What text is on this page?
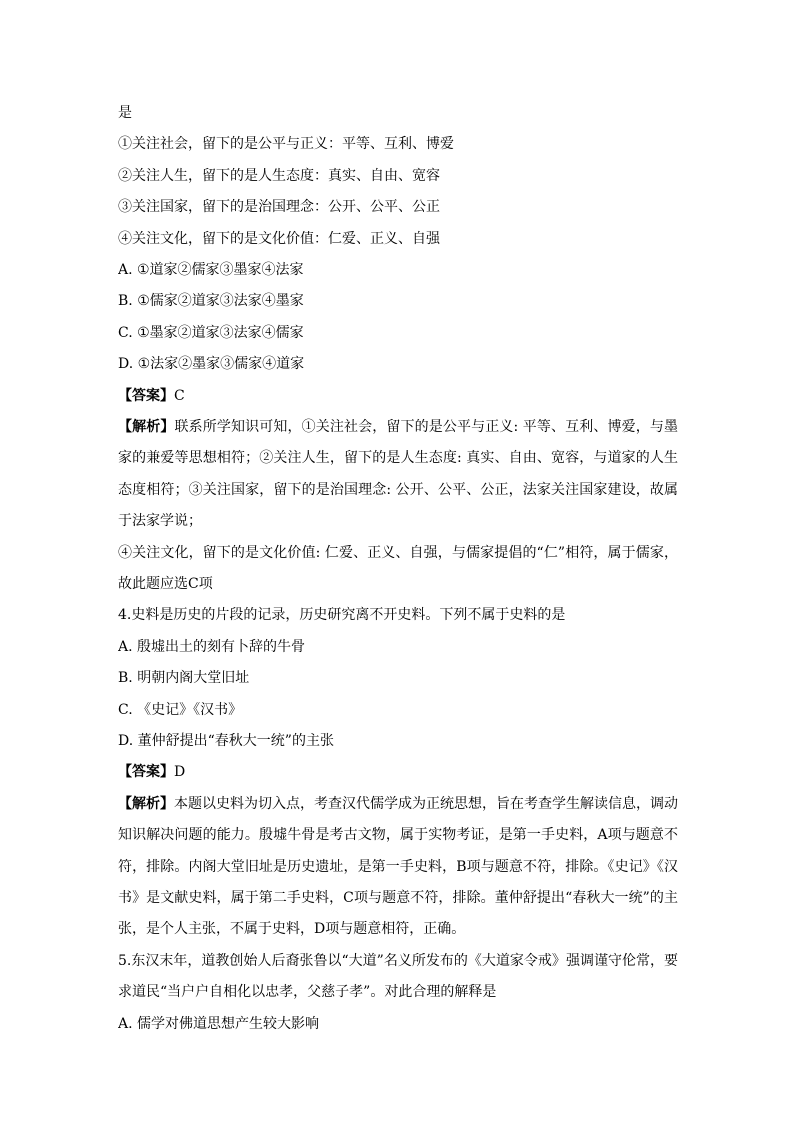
是
①关注社会，留下的是公平与正义：平等、互利、博爱
②关注人生，留下的是人生态度：真实、自由、宽容
③关注国家，留下的是治国理念：公开、公平、公正
④关注文化，留下的是文化价值：仁爱、正义、自强
A. ①道家②儒家③墨家④法家
B. ①儒家②道家③法家④墨家
C. ①墨家②道家③法家④儒家
D. ①法家②墨家③儒家④道家
【答案】C
【解析】联系所学知识可知，①关注社会，留下的是公平与正义: 平等、互利、博爱，与墨家的兼爱等思想相符；②关注人生，留下的是人生态度: 真实、自由、宽容，与道家的人生态度相符；③关注国家，留下的是治国理念: 公开、公平、公正，法家关注国家建设，故属于法家学说；
④关注文化，留下的是文化价值: 仁爱、正义、自强，与儒家提倡的“仁”相符，属于儒家，故此题应选C项
4.史料是历史的片段的记录，历史研究离不开史料。下列不属于史料的是
A. 殷墟出土的刻有卜辞的牛骨
B. 明朝内阁大堂旧址
C. 《史记》《汉书》
D. 董仲舒提出“春秋大一统”的主张
【答案】D
【解析】本题以史料为切入点，考查汉代儒学成为正统思想，旨在考查学生解读信息，调动知识解决问题的能力。殷墟牛骨是考古文物，属于实物考证，是第一手史料，A项与题意不符，排除。内阁大堂旧址是历史遗址，是第一手史料，B项与题意不符，排除。《史记》《汉书》是文献史料，属于第二手史料，C项与题意不符，排除。董仲舒提出“春秋大一统”的主张，是个人主张，不属于史料，D项与题意相符，正确。
5.东汉末年，道教创始人后裔张鲁以“大道”名义所发布的《大道家令戒》强调谨守伦常，要求道民“当户户自相化以忠孝，父慈子孝”。对此合理的解释是
A. 儒学对佛道思想产生较大影响
